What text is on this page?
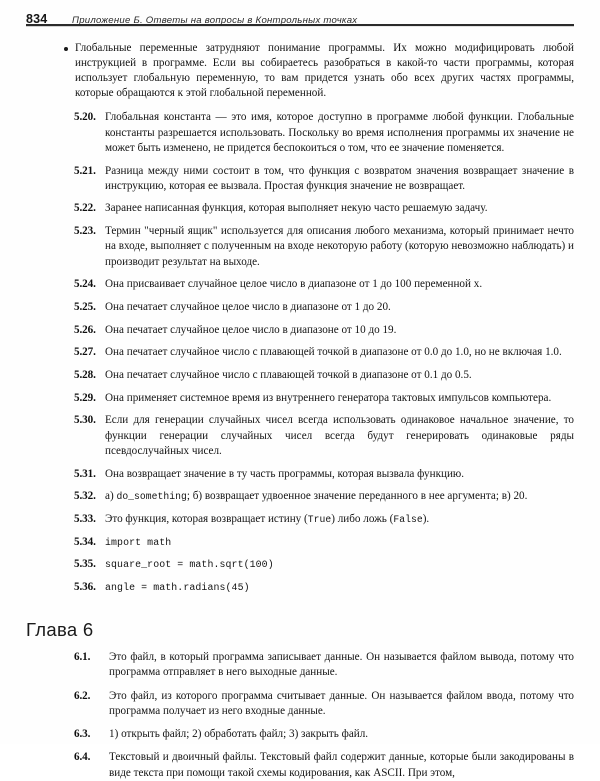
834	Приложение Б. Ответы на вопросы в Контрольных точках
Глобальные переменные затрудняют понимание программы. Их можно модифицировать любой инструкцией в программе. Если вы собираетесь разобраться в какой-то части программы, которая использует глобальную переменную, то вам придется узнать обо всех других частях программы, которые обращаются к этой глобальной переменной.
5.20. Глобальная константа — это имя, которое доступно в программе любой функции. Глобальные константы разрешается использовать. Поскольку во время исполнения программы их значение не может быть изменено, не придется беспокоиться о том, что ее значение поменяется.
5.21. Разница между ними состоит в том, что функция с возвратом значения возвращает значение в инструкцию, которая ее вызвала. Простая функция значение не возвращает.
5.22. Заранее написанная функция, которая выполняет некую часто решаемую задачу.
5.23. Термин "черный ящик" используется для описания любого механизма, который принимает нечто на входе, выполняет с полученным на входе некоторую работу (которую невозможно наблюдать) и производит результат на выходе.
5.24. Она присваивает случайное целое число в диапазоне от 1 до 100 переменной x.
5.25. Она печатает случайное целое число в диапазоне от 1 до 20.
5.26. Она печатает случайное целое число в диапазоне от 10 до 19.
5.27. Она печатает случайное число с плавающей точкой в диапазоне от 0.0 до 1.0, но не включая 1.0.
5.28. Она печатает случайное число с плавающей точкой в диапазоне от 0.1 до 0.5.
5.29. Она применяет системное время из внутреннего генератора тактовых импульсов компьютера.
5.30. Если для генерации случайных чисел всегда использовать одинаковое начальное значение, то функции генерации случайных чисел всегда будут генерировать одинаковые ряды псевдослучайных чисел.
5.31. Она возвращает значение в ту часть программы, которая вызвала функцию.
5.32. а) do_something; б) возвращает удвоенное значение переданного в нее аргумента; в) 20.
5.33. Это функция, которая возвращает истину (True) либо ложь (False).
5.34. import math
5.35. square_root = math.sqrt(100)
5.36. angle = math.radians(45)
Глава 6
6.1.	Это файл, в который программа записывает данные. Он называется файлом вывода, потому что программа отправляет в него выходные данные.
6.2.	Это файл, из которого программа считывает данные. Он называется файлом ввода, потому что программа получает из него входные данные.
6.3.	1) открыть файл; 2) обработать файл; 3) закрыть файл.
6.4.	Текстовый и двоичный файлы. Текстовый файл содержит данные, которые были закодированы в виде текста при помощи такой схемы кодирования, как ASCII. При этом,
